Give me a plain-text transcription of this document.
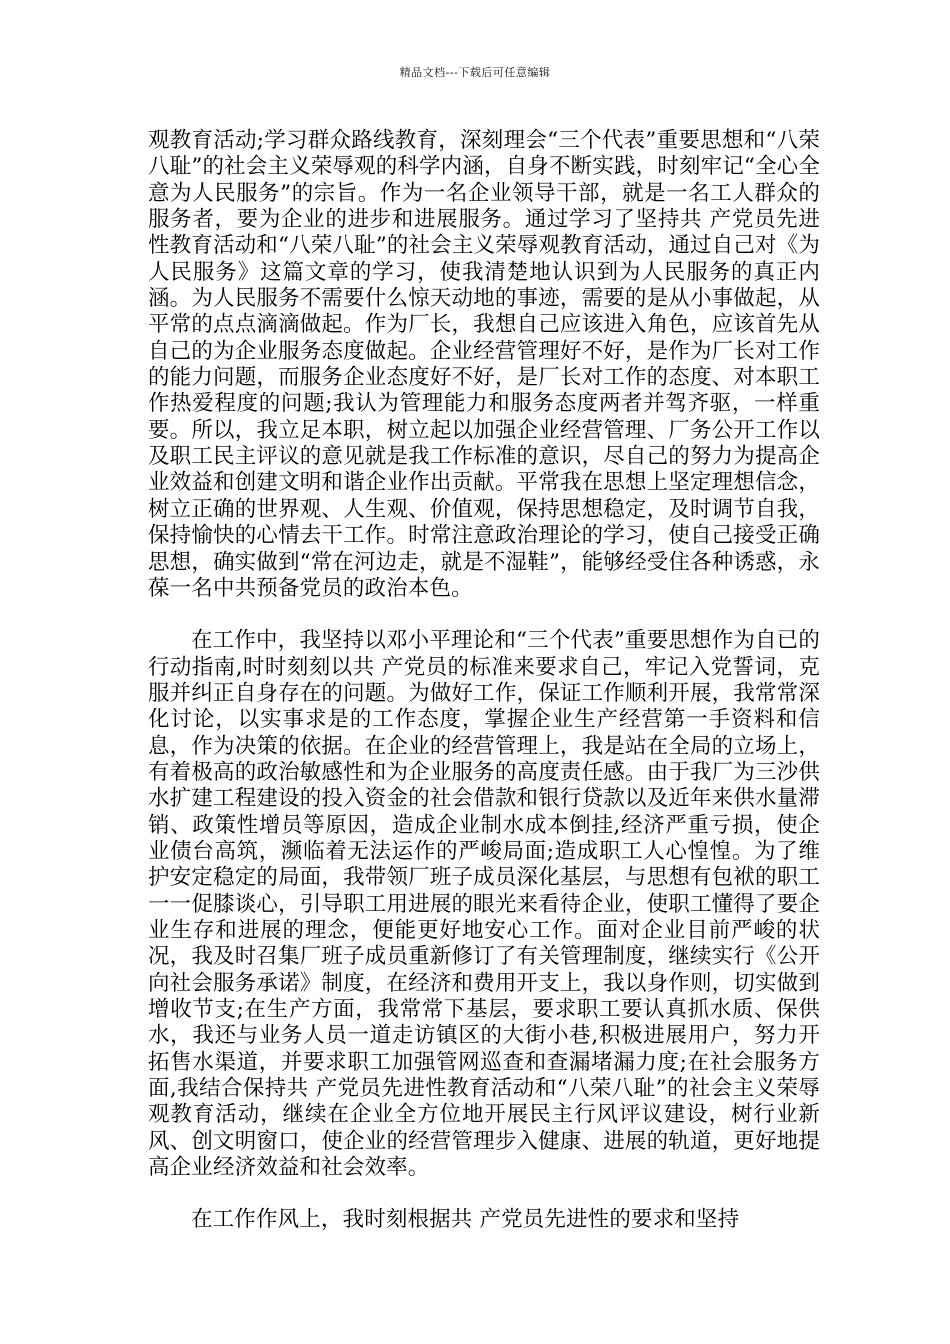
精品文档---下载后可任意编辑

观教育活动;学习群众路线教育，深刻理会“三个代表”重要思想和“八荣八耻”的社会主义荣辱观的科学内涵，自身不断实践，时刻牢记“全心全意为人民服务”的宗旨。作为一名企业领导干部，就是一名工人群众的服务者，要为企业的进步和进展服务。通过学习了坚持共 产党员先进性教育活动和“八荣八耻”的社会主义荣辱观教育活动，通过自己对《为人民服务》这篇文章的学习，使我清楚地认识到为人民服务的真正内涵。为人民服务不需要什么惊天动地的事迹，需要的是从小事做起，从平常的点点滴滴做起。作为厂长，我想自己应该进入角色，应该首先从自己的为企业服务态度做起。企业经营管理好不好，是作为厂长对工作的能力问题，而服务企业态度好不好，是厂长对工作的态度、对本职工作热爱程度的问题;我认为管理能力和服务态度两者并驾齐驱，一样重要。所以，我立足本职，树立起以加强企业经营管理、厂务公开工作以及职工民主评议的意见就是我工作标准的意识，尽自己的努力为提高企业效益和创建文明和谐企业作出贡献。平常我在思想上坚定理想信念，树立正确的世界观、人生观、价值观，保持思想稳定，及时调节自我，保持愉快的心情去干工作。时常注意政治理论的学习，使自己接受正确思想，确实做到“常在河边走，就是不湿鞋”，能够经受住各种诱惑，永葆一名中共预备党员的政治本色。

在工作中，我坚持以邓小平理论和“三个代表”重要思想作为自已的行动指南,时时刻刻以共 产党员的标准来要求自己，牢记入党誓词，克服并纠正自身存在的问题。为做好工作，保证工作顺利开展，我常常深化讨论，以实事求是的工作态度，掌握企业生产经营第一手资料和信息，作为决策的依据。在企业的经营管理上，我是站在全局的立场上，有着极高的政治敏感性和为企业服务的高度责任感。由于我厂为三沙供水扩建工程建设的投入资金的社会借款和银行贷款以及近年来供水量滞销、政策性增员等原因，造成企业制水成本倒挂,经济严重亏损，使企业债台高筑，濒临着无法运作的严峻局面;造成职工人心惶惶。为了维护安定稳定的局面，我带领厂班子成员深化基层，与思想有包袱的职工一一促膝谈心，引导职工用进展的眼光来看待企业，使职工懂得了要企业生存和进展的理念，便能更好地安心工作。面对企业目前严峻的状况，我及时召集厂班子成员重新修订了有关管理制度，继续实行《公开向社会服务承诺》制度，在经济和费用开支上，我以身作则，切实做到增收节支;在生产方面，我常常下基层，要求职工要认真抓水质、保供水，我还与业务人员一道走访镇区的大街小巷,积极进展用户，努力开拓售水渠道，并要求职工加强管网巡查和查漏堵漏力度;在社会服务方面,我结合保持共 产党员先进性教育活动和“八荣八耻”的社会主义荣辱观教育活动，继续在企业全方位地开展民主行风评议建设，树行业新风、创文明窗口，使企业的经营管理步入健康、进展的轨道，更好地提高企业经济效益和社会效率。

在工作作风上，我时刻根据共 产党员先进性的要求和坚持
